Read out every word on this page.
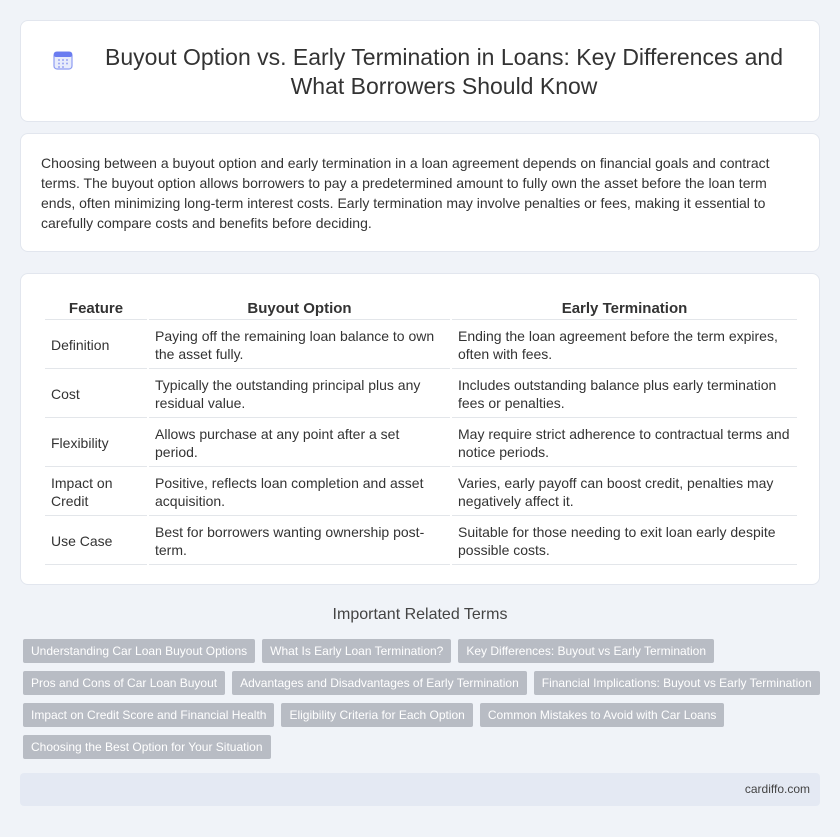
Buyout Option vs. Early Termination in Loans: Key Differences and What Borrowers Should Know

Choosing between a buyout option and early termination in a loan agreement depends on financial goals and contract terms. The buyout option allows borrowers to pay a predetermined amount to fully own the asset before the loan term ends, often minimizing long-term interest costs. Early termination may involve penalties or fees, making it essential to carefully compare costs and benefits before deciding.

Feature	Buyout Option	Early Termination
Definition	Paying off the remaining loan balance to own the asset fully.	Ending the loan agreement before the term expires, often with fees.
Cost	Typically the outstanding principal plus any residual value.	Includes outstanding balance plus early termination fees or penalties.
Flexibility	Allows purchase at any point after a set period.	May require strict adherence to contractual terms and notice periods.
Impact on Credit	Positive, reflects loan completion and asset acquisition.	Varies, early payoff can boost credit, penalties may negatively affect it.
Use Case	Best for borrowers wanting ownership post-term.	Suitable for those needing to exit loan early despite possible costs.
Important Related Terms
Understanding Car Loan Buyout Options	What Is Early Loan Termination?	Key Differences: Buyout vs Early Termination
Pros and Cons of Car Loan Buyout	Advantages and Disadvantages of Early Termination	Financial Implications: Buyout vs Early Termination
Impact on Credit Score and Financial Health	Eligibility Criteria for Each Option	Common Mistakes to Avoid with Car Loans
Choosing the Best Option for Your Situation
cardiffo.com
